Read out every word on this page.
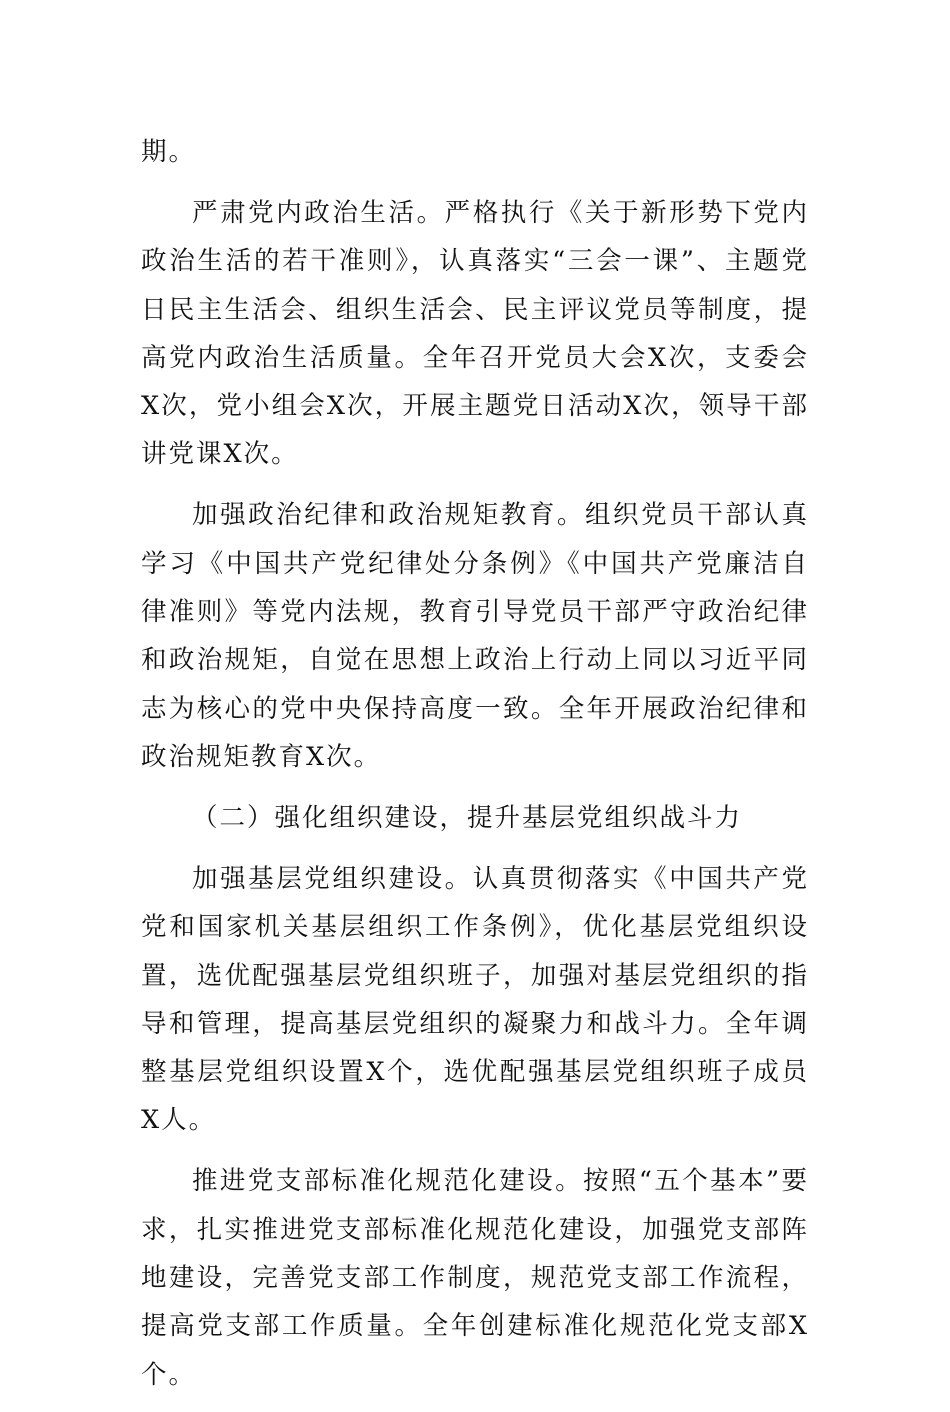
期。

严肃党内政治生活。严格执行《关于新形势下党内政治生活的若干准则》，认真落实“三会一课”、主题党日民主生活会、组织生活会、民主评议党员等制度，提高党内政治生活质量。全年召开党员大会X次，支委会X次，党小组会X次，开展主题党日活动X次，领导干部讲党课X次。

加强政治纪律和政治规矩教育。组织党员干部认真学习《中国共产党纪律处分条例》《中国共产党廉洁自律准则》等党内法规，教育引导党员干部严守政治纪律和政治规矩，自觉在思想上政治上行动上同以习近平同志为核心的党中央保持高度一致。全年开展政治纪律和政治规矩教育X次。

（二）强化组织建设，提升基层党组织战斗力

加强基层党组织建设。认真贯彻落实《中国共产党党和国家机关基层组织工作条例》，优化基层党组织设置，选优配强基层党组织班子，加强对基层党组织的指导和管理，提高基层党组织的凝聚力和战斗力。全年调整基层党组织设置X个，选优配强基层党组织班子成员X人。

推进党支部标准化规范化建设。按照“五个基本”要求，扎实推进党支部标准化规范化建设，加强党支部阵地建设，完善党支部工作制度，规范党支部工作流程，提高党支部工作质量。全年创建标准化规范化党支部X个。
